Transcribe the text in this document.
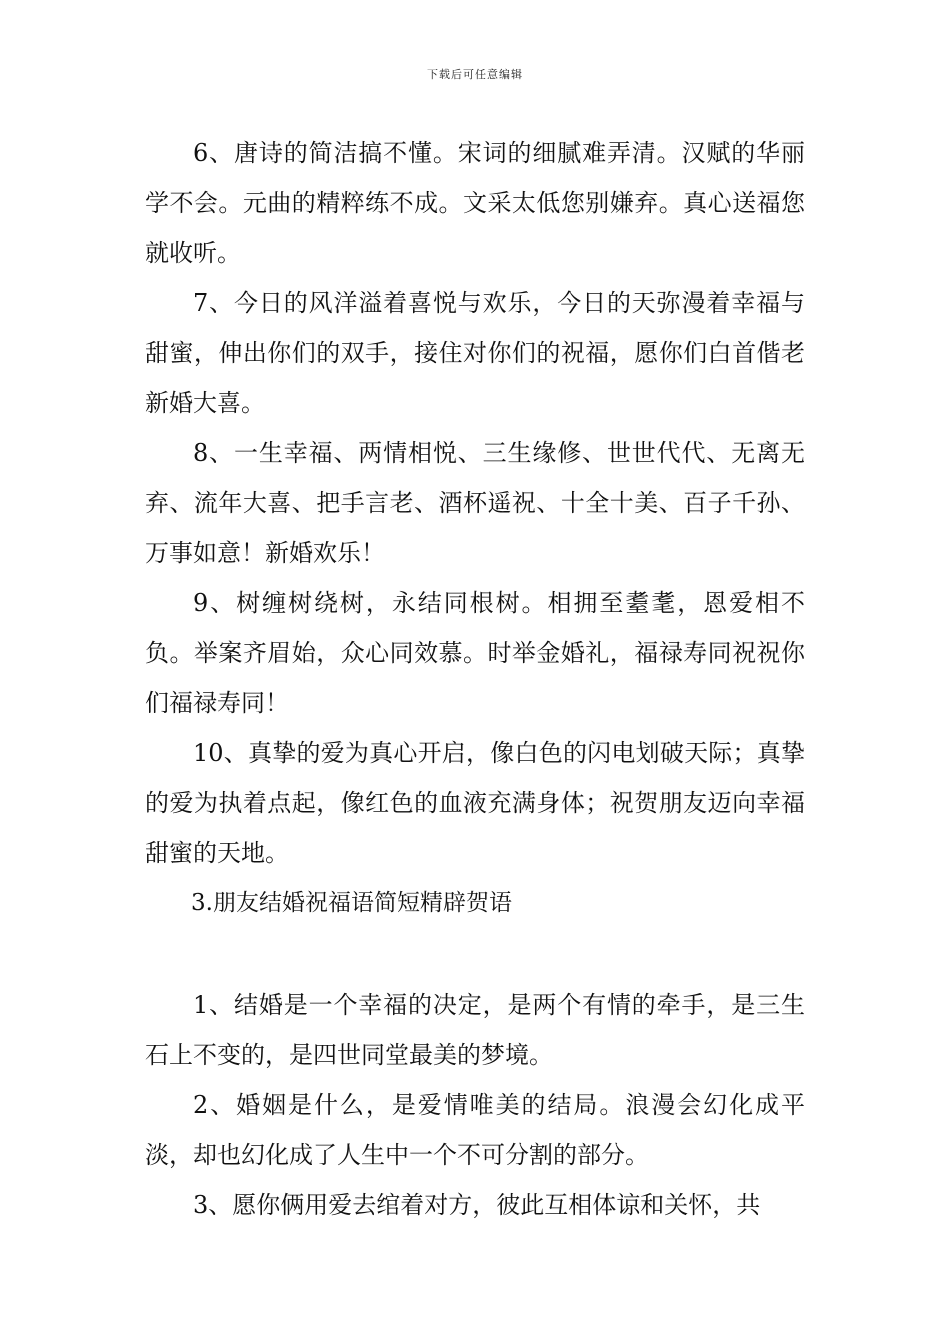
下载后可任意编辑

6、唐诗的简洁搞不懂。宋词的细腻难弄清。汉赋的华丽学不会。元曲的精粹练不成。文采太低您别嫌弃。真心送福您就收听。

7、今日的风洋溢着喜悦与欢乐，今日的天弥漫着幸福与甜蜜，伸出你们的双手，接住对你们的祝福，愿你们白首偕老新婚大喜。

8、一生幸福、两情相悦、三生缘修、世世代代、无离无弃、流年大喜、把手言老、酒杯遥祝、十全十美、百子千孙、万事如意！新婚欢乐！

9、树缠树绕树，永结同根树。相拥至耋耄，恩爱相不负。举案齐眉始，众心同效慕。时举金婚礼，福禄寿同祝祝你们福禄寿同！

10、真挚的爱为真心开启，像白色的闪电划破天际；真挚的爱为执着点起，像红色的血液充满身体；祝贺朋友迈向幸福甜蜜的天地。

3.朋友结婚祝福语简短精辟贺语

1、结婚是一个幸福的决定，是两个有情的牵手，是三生石上不变的，是四世同堂最美的梦境。

2、婚姻是什么，是爱情唯美的结局。浪漫会幻化成平淡，却也幻化成了人生中一个不可分割的部分。

3、愿你俩用爱去绾着对方，彼此互相体谅和关怀，共
